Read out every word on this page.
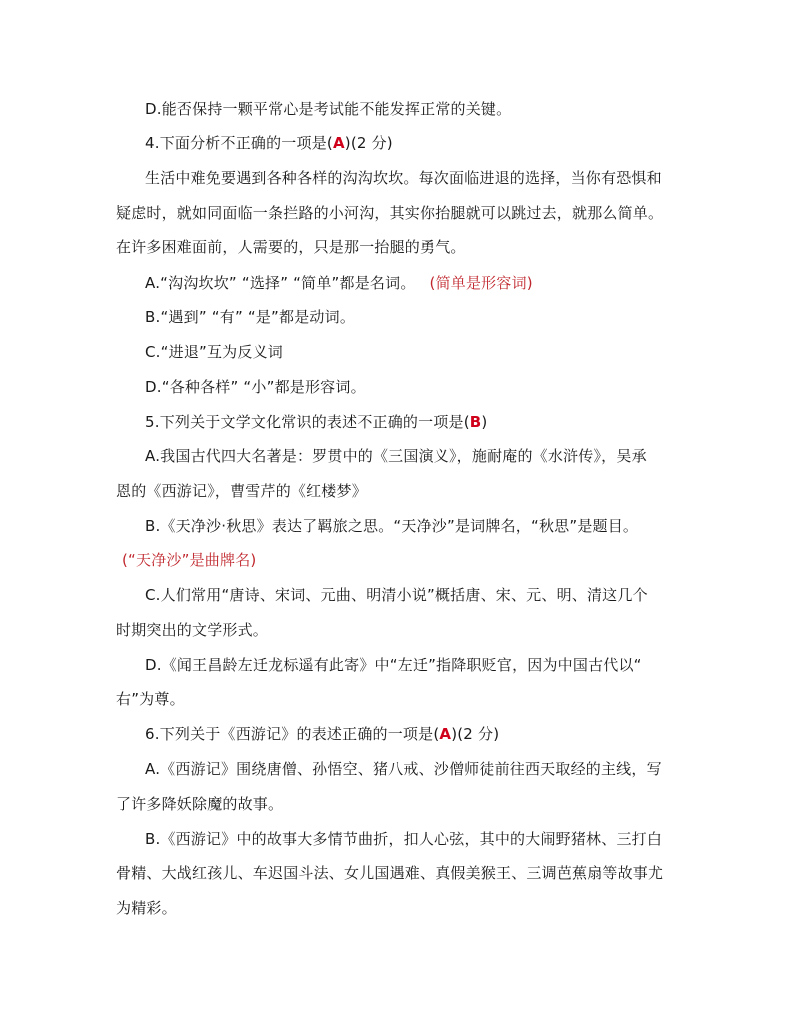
D.能否保持一颗平常心是考试能不能发挥正常的关键。
4.下面分析不正确的一项是(A)(2 分)
生活中难免要遇到各种各样的沟沟坎坎。每次面临进退的选择，当你有恐惧和
疑虑时，就如同面临一条拦路的小河沟，其实你抬腿就可以跳过去，就那么简单。
在许多困难面前，人需要的，只是那一抬腿的勇气。
A.“沟沟坎坎” “选择” “简单”都是名词。 (简单是形容词)
B.“遇到” “有” “是”都是动词。
C.“进退”互为反义词
D.“各种各样” “小”都是形容词。
5.下列关于文学文化常识的表述不正确的一项是(B)
A.我国古代四大名著是：罗贯中的《三国演义》，施耐庵的《水浒传》，吴承
恩的《西游记》，曹雪芹的《红楼梦》
B.《天净沙·秋思》表达了羁旅之思。“天净沙”是词牌名，“秋思”是题目。
(“天净沙”是曲牌名)
C.人们常用“唐诗、宋词、元曲、明清小说”概括唐、宋、元、明、清这几个
时期突出的文学形式。
D.《闻王昌龄左迁龙标遥有此寄》中“左迁”指降职贬官，因为中国古代以“
右”为尊。
6.下列关于《西游记》的表述正确的一项是(A)(2 分)
A.《西游记》围绕唐僧、孙悟空、猪八戒、沙僧师徒前往西天取经的主线，写
了许多降妖除魔的故事。
B.《西游记》中的故事大多情节曲折，扣人心弦，其中的大闹野猪林、三打白
骨精、大战红孩儿、车迟国斗法、女儿国遇难、真假美猴王、三调芭蕉扇等故事尤
为精彩。
